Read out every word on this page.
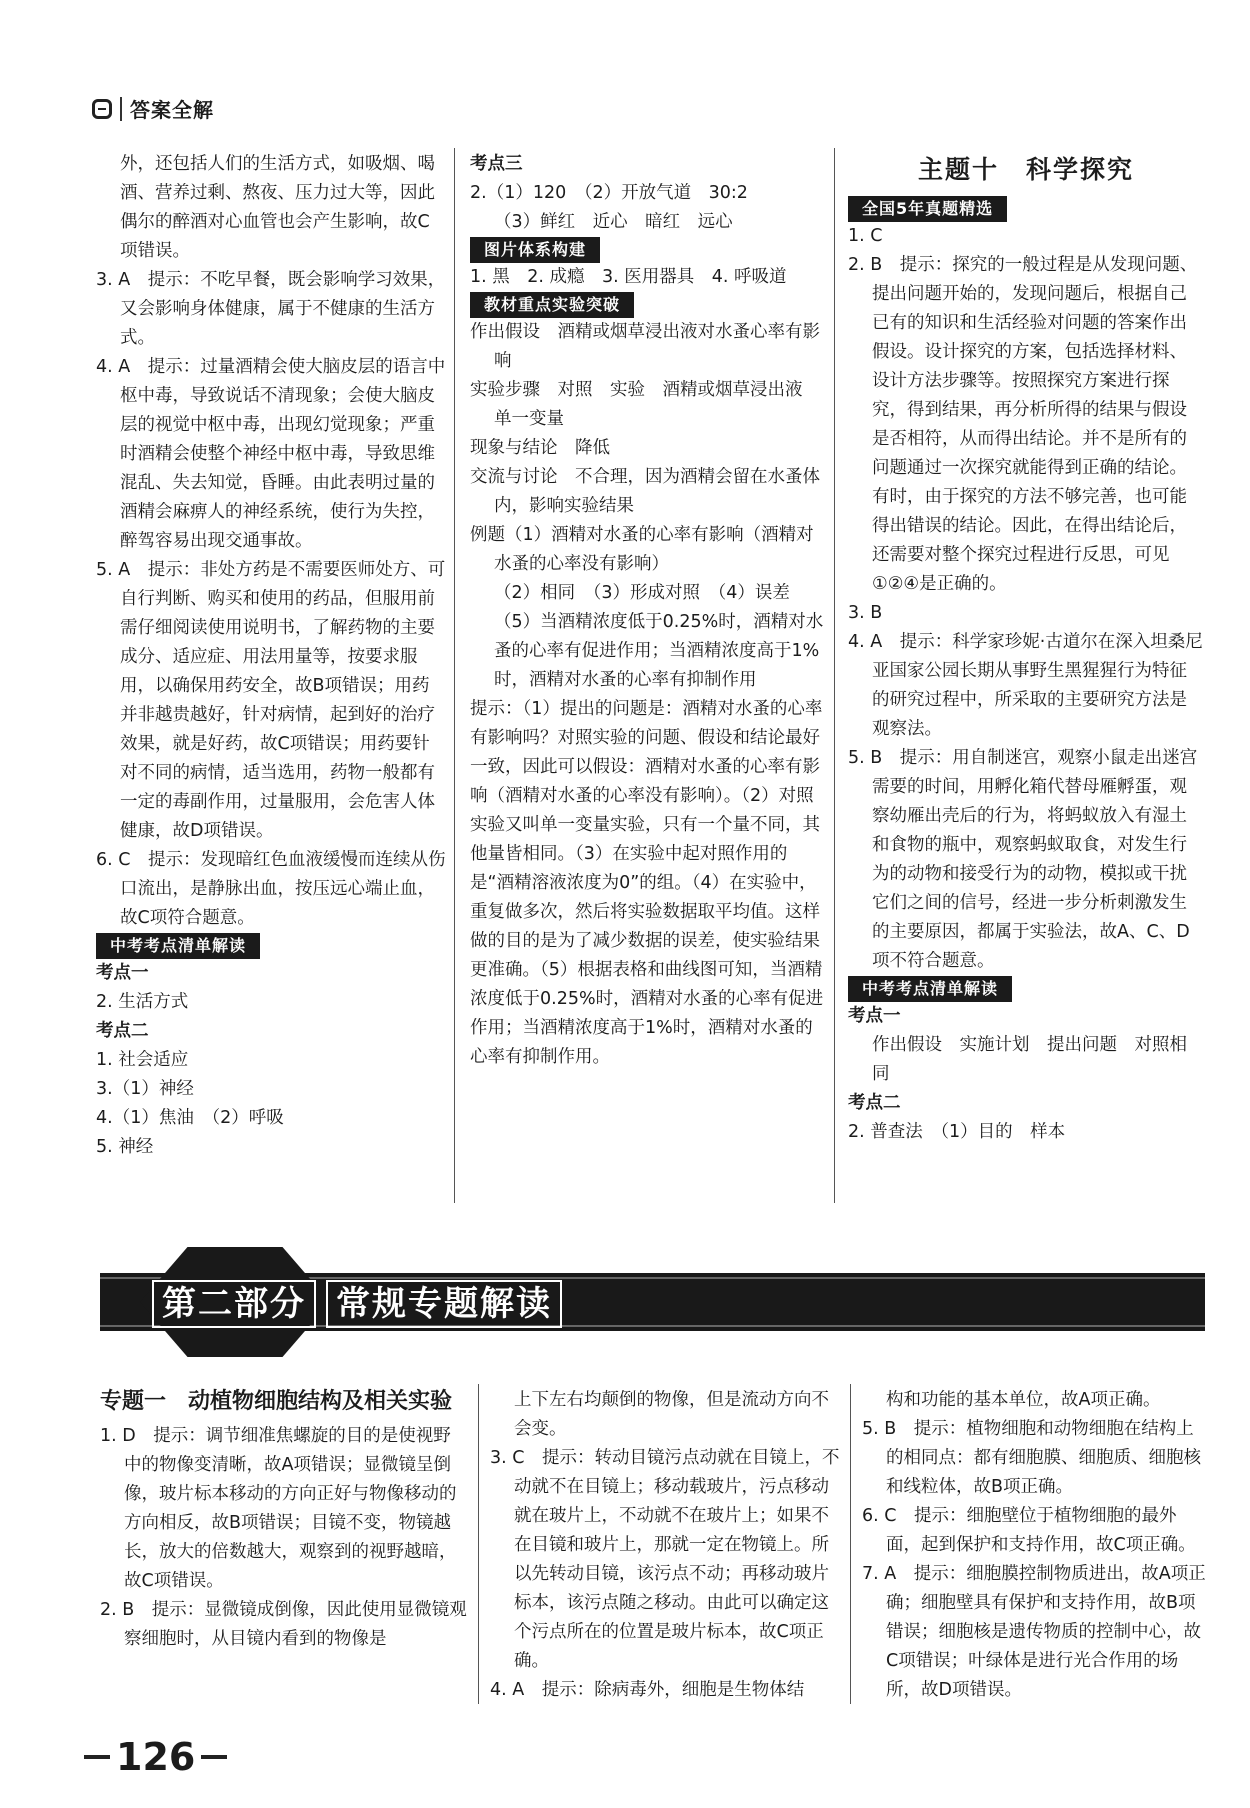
答案全解

外，还包括人们的生活方式，如吸烟、喝酒、营养过剩、熬夜、压力过大等，因此偶尔的醉酒对心血管也会产生影响，故C项错误。

3. A　提示：不吃早餐，既会影响学习效果，又会影响身体健康，属于不健康的生活方式。

4. A　提示：过量酒精会使大脑皮层的语言中枢中毒，导致说话不清现象；会使大脑皮层的视觉中枢中毒，出现幻觉现象；严重时酒精会使整个神经中枢中毒，导致思维混乱、失去知觉，昏睡。由此表明过量的酒精会麻痹人的神经系统，使行为失控，醉驾容易出现交通事故。

5. A　提示：非处方药是不需要医师处方、可自行判断、购买和使用的药品，但服用前需仔细阅读使用说明书，了解药物的主要成分、适应症、用法用量等，按要求服用，以确保用药安全，故B项错误；用药并非越贵越好，针对病情，起到好的治疗效果，就是好药，故C项错误；用药要针对不同的病情，适当选用，药物一般都有一定的毒副作用，过量服用，会危害人体健康，故D项错误。

6. C　提示：发现暗红色血液缓慢而连续从伤口流出，是静脉出血，按压远心端止血，故C项符合题意。

中考考点清单解读

考点一

2. 生活方式

考点二

1. 社会适应

3.（1）神经

4.（1）焦油　（2）呼吸

5. 神经

考点三

2.（1）120　（2）开放气道　30:2

（3）鲜红　近心　暗红　远心

图片体系构建

1. 黑　2. 成瘾　3. 医用器具　4. 呼吸道

教材重点实验突破

作出假设　酒精或烟草浸出液对水蚤心率有影响

实验步骤　对照　实验　酒精或烟草浸出液　单一变量

现象与结论　降低

交流与讨论　不合理，因为酒精会留在水蚤体内，影响实验结果

例题（1）酒精对水蚤的心率有影响（酒精对水蚤的心率没有影响）

（2）相同　（3）形成对照　（4）误差

（5）当酒精浓度低于0.25%时，酒精对水蚤的心率有促进作用；当酒精浓度高于1%时，酒精对水蚤的心率有抑制作用

提示：（1）提出的问题是：酒精对水蚤的心率有影响吗？对照实验的问题、假设和结论最好一致，因此可以假设：酒精对水蚤的心率有影响（酒精对水蚤的心率没有影响）。（2）对照实验又叫单一变量实验，只有一个量不同，其他量皆相同。（3）在实验中起对照作用的是“酒精溶液浓度为0”的组。（4）在实验中，重复做多次，然后将实验数据取平均值。这样做的目的是为了减少数据的误差，使实验结果更准确。（5）根据表格和曲线图可知，当酒精浓度低于0.25%时，酒精对水蚤的心率有促进作用；当酒精浓度高于1%时，酒精对水蚤的心率有抑制作用。

主题十　科学探究

全国5年真题精选

1. C

2. B　提示：探究的一般过程是从发现问题、提出问题开始的，发现问题后，根据自己已有的知识和生活经验对问题的答案作出假设。设计探究的方案，包括选择材料、设计方法步骤等。按照探究方案进行探究，得到结果，再分析所得的结果与假设是否相符，从而得出结论。并不是所有的问题通过一次探究就能得到正确的结论。有时，由于探究的方法不够完善，也可能得出错误的结论。因此，在得出结论后，还需要对整个探究过程进行反思，可见①②④是正确的。

3. B

4. A　提示：科学家珍妮·古道尔在深入坦桑尼亚国家公园长期从事野生黑猩猩行为特征的研究过程中，所采取的主要研究方法是观察法。

5. B　提示：用自制迷宫，观察小鼠走出迷宫需要的时间，用孵化箱代替母雁孵蛋，观察幼雁出壳后的行为，将蚂蚁放入有湿土和食物的瓶中，观察蚂蚁取食，对发生行为的动物和接受行为的动物，模拟或干扰它们之间的信号，经进一步分析刺激发生的主要原因，都属于实验法，故A、C、D项不符合题意。

中考考点清单解读

考点一

作出假设　实施计划　提出问题　对照相同

考点二

2. 普查法　（1）目的　样本

第二部分 常规专题解读

专题一　动植物细胞结构及相关实验

1. D　提示：调节细准焦螺旋的目的是使视野中的物像变清晰，故A项错误；显微镜呈倒像，玻片标本移动的方向正好与物像移动的方向相反，故B项错误；目镜不变，物镜越长，放大的倍数越大，观察到的视野越暗，故C项错误。

2. B　提示：显微镜成倒像，因此使用显微镜观察细胞时，从目镜内看到的物像是

上下左右均颠倒的物像，但是流动方向不会变。

3. C　提示：转动目镜污点动就在目镜上，不动就不在目镜上；移动载玻片，污点移动就在玻片上，不动就不在玻片上；如果不在目镜和玻片上，那就一定在物镜上。所以先转动目镜，该污点不动；再移动玻片标本，该污点随之移动。由此可以确定这个污点所在的位置是玻片标本，故C项正确。

4. A　提示：除病毒外，细胞是生物体结

构和功能的基本单位，故A项正确。

5. B　提示：植物细胞和动物细胞在结构上的相同点：都有细胞膜、细胞质、细胞核和线粒体，故B项正确。

6. C　提示：细胞壁位于植物细胞的最外面，起到保护和支持作用，故C项正确。

7. A　提示：细胞膜控制物质进出，故A项正确；细胞壁具有保护和支持作用，故B项错误；细胞核是遗传物质的控制中心，故C项错误；叶绿体是进行光合作用的场所，故D项错误。

126
